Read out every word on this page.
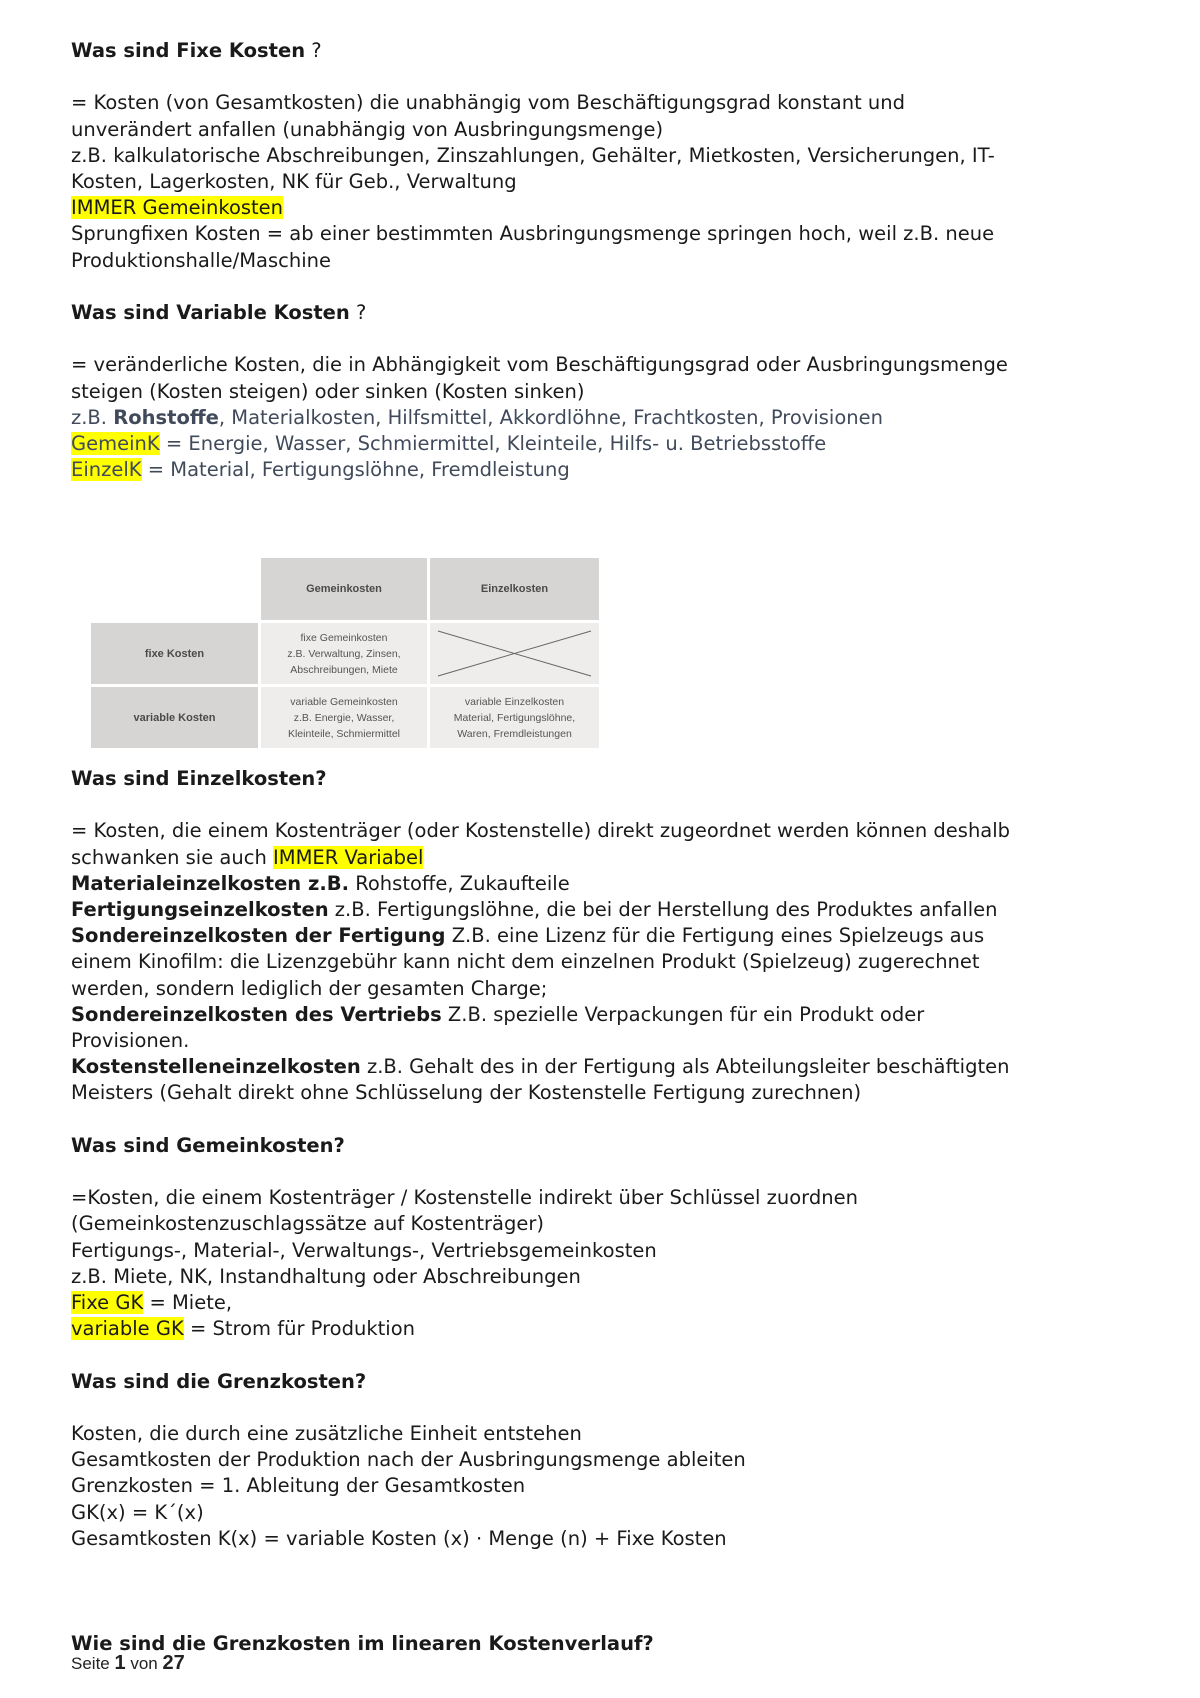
Was sind Fixe Kosten ?
= Kosten (von Gesamtkosten) die unabhängig vom Beschäftigungsgrad konstant und
unverändert anfallen (unabhängig von Ausbringungsmenge)
z.B. kalkulatorische Abschreibungen, Zinszahlungen, Gehälter, Mietkosten, Versicherungen, IT-
Kosten, Lagerkosten, NK für Geb., Verwaltung
IMMER Gemeinkosten
Sprungfixen Kosten = ab einer bestimmten Ausbringungsmenge springen hoch, weil z.B. neue
Produktionshalle/Maschine
Was sind Variable Kosten ?
= veränderliche Kosten, die in Abhängigkeit vom Beschäftigungsgrad oder Ausbringungsmenge
steigen (Kosten steigen) oder sinken (Kosten sinken)
z.B. Rohstoffe, Materialkosten, Hilfsmittel, Akkordlöhne, Frachtkosten, Provisionen
GemeinK = Energie, Wasser, Schmiermittel, Kleinteile, Hilfs- u. Betriebsstoffe
EinzelK = Material, Fertigungslöhne, Fremdleistung
Gemeinkosten	Einzelkosten
fixe Kosten
variable Kosten
fixe Gemeinkosten
z.B. Verwaltung, Zinsen,
Abschreibungen, Miete
variable Gemeinkosten
z.B. Energie, Wasser,
Kleinteile, Schmiermittel
variable Einzelkosten
Material, Fertigungslöhne,
Waren, Fremdleistungen
Was sind Einzelkosten?
= Kosten, die einem Kostenträger (oder Kostenstelle) direkt zugeordnet werden können deshalb
schwanken sie auch IMMER Variabel
Materialeinzelkosten z.B. Rohstoffe, Zukaufteile
Fertigungseinzelkosten z.B. Fertigungslöhne, die bei der Herstellung des Produktes anfallen
Sondereinzelkosten der Fertigung Z.B. eine Lizenz für die Fertigung eines Spielzeugs aus
einem Kinofilm: die Lizenzgebühr kann nicht dem einzelnen Produkt (Spielzeug) zugerechnet
werden, sondern lediglich der gesamten Charge;
Sondereinzelkosten des Vertriebs Z.B. spezielle Verpackungen für ein Produkt oder
Provisionen.
Kostenstelleneinzelkosten z.B. Gehalt des in der Fertigung als Abteilungsleiter beschäftigten
Meisters (Gehalt direkt ohne Schlüsselung der Kostenstelle Fertigung zurechnen)
Was sind Gemeinkosten?
=Kosten, die einem Kostenträger / Kostenstelle indirekt über Schlüssel zuordnen
(Gemeinkostenzuschlagssätze auf Kostenträger)
Fertigungs-, Material-, Verwaltungs-, Vertriebsgemeinkosten
z.B. Miete, NK, Instandhaltung oder Abschreibungen
Fixe GK = Miete,
variable GK = Strom für Produktion
Was sind die Grenzkosten?
Kosten, die durch eine zusätzliche Einheit entstehen
Gesamtkosten der Produktion nach der Ausbringungsmenge ableiten
Grenzkosten = 1. Ableitung der Gesamtkosten
GK(x) = K´(x)
Gesamtkosten K(x) = variable Kosten (x) · Menge (n) + Fixe Kosten
Wie sind die Grenzkosten im linearen Kostenverlauf?
Seite 1 von 27
